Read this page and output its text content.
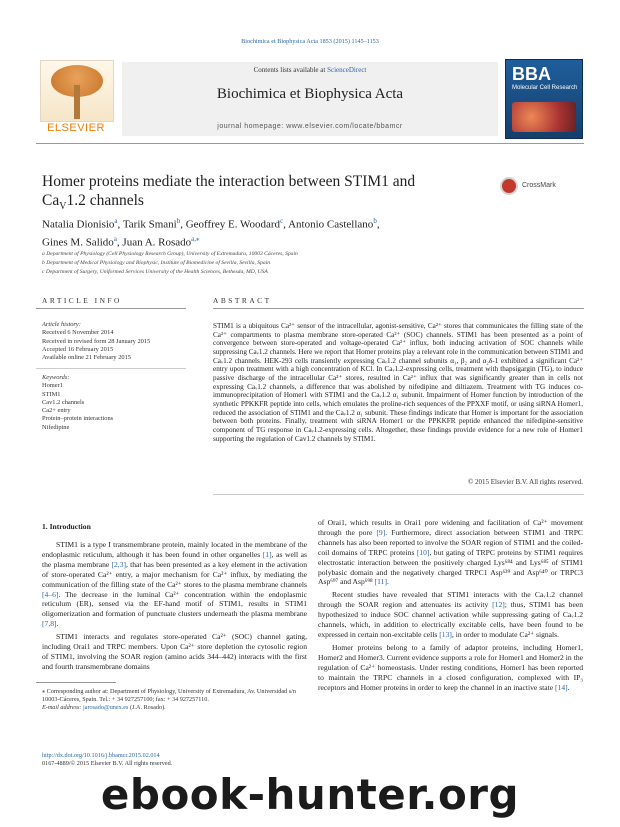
Biochimica et Biophysica Acta 1853 (2015) 1145–1153
ELSEVIER
Contents lists available at ScienceDirect
Biochimica et Biophysica Acta
journal homepage: www.elsevier.com/locate/bbamcr
BBA
Molecular Cell Research
Homer proteins mediate the interaction between STIM1 and
$Ca_V1.2$ channels
CrossMark
Natalia Dionisio$^a$, Tarik Smani$^b$, Geoffrey E. Woodard$^c$, Antonio Castellano$^b$,
Gines M. Salido$^a$, Juan A. Rosado$^{a,⁎}$
a Department of Physiology (Cell Physiology Research Group), University of Extremadura, 10003 Cáceres, Spain
b Department of Medical Physiology and Biophysic, Institute of Biomedicine of Sevilla, Sevilla, Spain
c Department of Surgery, Uniformed Services University of the Health Sciences, Bethesda, MD, USA
ARTICLE INFO	ABSTRACT
Article history:
Received 6 November 2014
Received in revised form 28 January 2015
Accepted 16 February 2015
Available online 21 February 2015
Keywords:
Homer1
STIM1
Cav1.2 channels
Ca2+ entry
Protein–protein interactions
Nifedipine
STIM1 is a ubiquitous Ca²⁺ sensor of the intracellular, agonist-sensitive, Ca²⁺ stores that communicates the filling state of the Ca²⁺ compartments to plasma membrane store-operated Ca²⁺ (SOC) channels. STIM1 has been presented as a point of convergence between store-operated and voltage-operated Ca²⁺ influx, both inducing activation of SOC channels while suppressing Caᵥ1.2 channels. Here we report that Homer proteins play a relevant role in the communication between STIM1 and Caᵥ1.2 channels. HEK-293 cells transiently expressing Caᵥ1.2 channel subunits α₁, β₂ and α₂δ-1 exhibited a significant Ca²⁺ entry upon treatment with a high concentration of KCl. In Caᵥ1.2-expressing cells, treatment with thapsigargin (TG), to induce passive discharge of the intracellular Ca²⁺ stores, resulted in Ca²⁺ influx that was significantly greater than in cells not expressing Caᵥ1.2 channels, a difference that was abolished by nifedipine and diltiazem. Treatment with TG induces co-immunoprecipitation of Homer1 with STIM1 and the Caᵥ1.2 α₁ subunit. Impairment of Homer function by introduction of the synthetic PPKKFR peptide into cells, which emulates the proline-rich sequences of the PPXXF motif, or using siRNA Homer1, reduced the association of STIM1 and the Caᵥ1.2 α₁ subunit. These findings indicate that Homer is important for the association between both proteins. Finally, treatment with siRNA Homer1 or the PPKKFR peptide enhanced the nifedipine-sensitive component of TG response in Caᵥ1.2-expressing cells. Altogether, these findings provide evidence for a new role of Homer1 supporting the regulation of Cav1.2 channels by STIM1.
© 2015 Elsevier B.V. All rights reserved.
1. Introduction

STIM1 is a type I transmembrane protein, mainly located in the membrane of the endoplasmic reticulum, although it has been found in other organelles [1], as well as the plasma membrane [2,3], that has been presented as a key element in the activation of store-operated Ca²⁺ entry, a major mechanism for Ca²⁺ influx, by mediating the communication of the filling state of the Ca²⁺ stores to the plasma membrane channels [4–6]. The decrease in the luminal Ca²⁺ concentration within the endoplasmic reticulum (ER), sensed via the EF-hand motif of STIM1, results in STIM1 oligomerization and formation of punctuate clusters underneath the plasma membrane [7,8].

STIM1 interacts and regulates store-operated Ca²⁺ (SOC) channel gating, including Orai1 and TRPC members. Upon Ca²⁺ store depletion the cytosolic region of STIM1, involving the SOAR region (amino acids 344–442) interacts with the first and fourth transmembrane domains

of Orai1, which results in Orai1 pore widening and facilitation of Ca²⁺ movement through the pore [9]. Furthermore, direct association between STIM1 and TRPC channels has also been reported to involve the SOAR region of STIM1 and the coiled-coil domains of TRPC proteins [10], but gating of TRPC proteins by STIM1 requires electrostatic interaction between the positively charged Lys⁶⁸⁴ and Lys⁶⁸⁵ of STIM1 polybasic domain and the negatively charged TRPC1 Asp⁶³⁹ and Asp⁶⁴⁰ or TRPC3 Asp⁶⁹⁷ and Asp⁶⁹⁸ [11].

Recent studies have revealed that STIM1 interacts with the Caᵥ1.2 channel through the SOAR region and attenuates its activity [12]; thus, STIM1 has been hypothesized to induce SOC channel activation while suppressing gating of Caᵥ1.2 channels, which, in addition to electrically excitable cells, have been found to be expressed in certain non-excitable cells [13], in order to modulate Ca²⁺ signals.

Homer proteins belong to a family of adaptor proteins, including Homer1, Homer2 and Homer3. Current evidence supports a role for Homer1 and Homer2 in the regulation of Ca²⁺ homeostasis. Under resting conditions, Homer1 has been reported to maintain the TRPC channels in a closed configuration, complexed with IP₃ receptors and Homer proteins in order to keep the channel in an inactive state [14].

⁎ Corresponding author at: Department of Physiology, University of Extremadura, Av. Universidad s/n 10003-Cáceres, Spain. Tel.: + 34 927257100; fax: + 34 927257110.
E-mail address: jarosado@unex.es (J.A. Rosado).
http://dx.doi.org/10.1016/j.bbamcr.2015.02.014
0167-4889/© 2015 Elsevier B.V. All rights reserved.
ebook-hunter.org
